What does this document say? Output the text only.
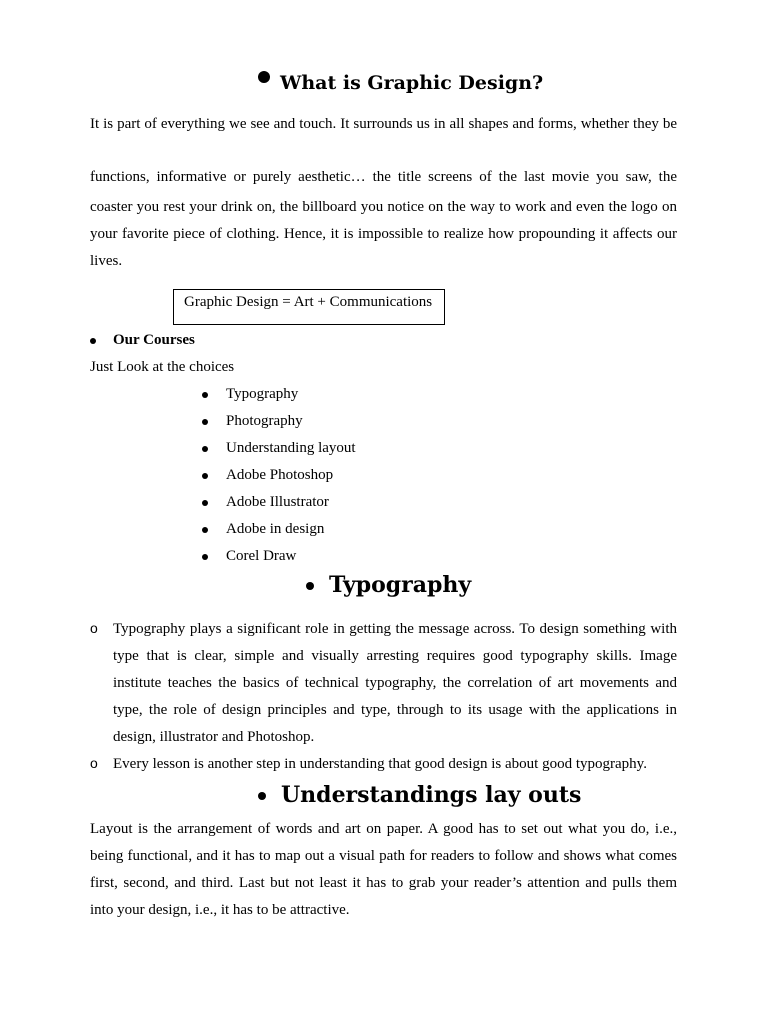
What is Graphic Design?
It is part of everything we see and touch. It surrounds us in all shapes and forms, whether they be
functions, informative or purely aesthetic… the title screens of the last movie you saw, the
coaster you rest your drink on, the billboard you notice on the way to work and even the logo on
your favorite piece of clothing. Hence, it is impossible to realize how propounding it affects our
lives.
Graphic Design = Art + Communications
Our Courses
Just Look at the choices
Typography
Photography
Understanding layout
Adobe Photoshop
Adobe Illustrator
Adobe in design
Corel Draw
Typography
o Typography plays a significant role in getting the message across. To design something with
type that is clear, simple and visually arresting requires good typography skills. Image
institute teaches the basics of technical typography, the correlation of art movements and
type, the role of design principles and type, through to its usage with the applications in
design, illustrator and Photoshop.
o Every lesson is another step in understanding that good design is about good typography.
Understandings lay outs
Layout is the arrangement of words and art on paper. A good has to set out what you do, i.e.,
being functional, and it has to map out a visual path for readers to follow and shows what comes
first, second, and third. Last but not least it has to grab your reader’s attention and pulls them
into your design, i.e., it has to be attractive.
